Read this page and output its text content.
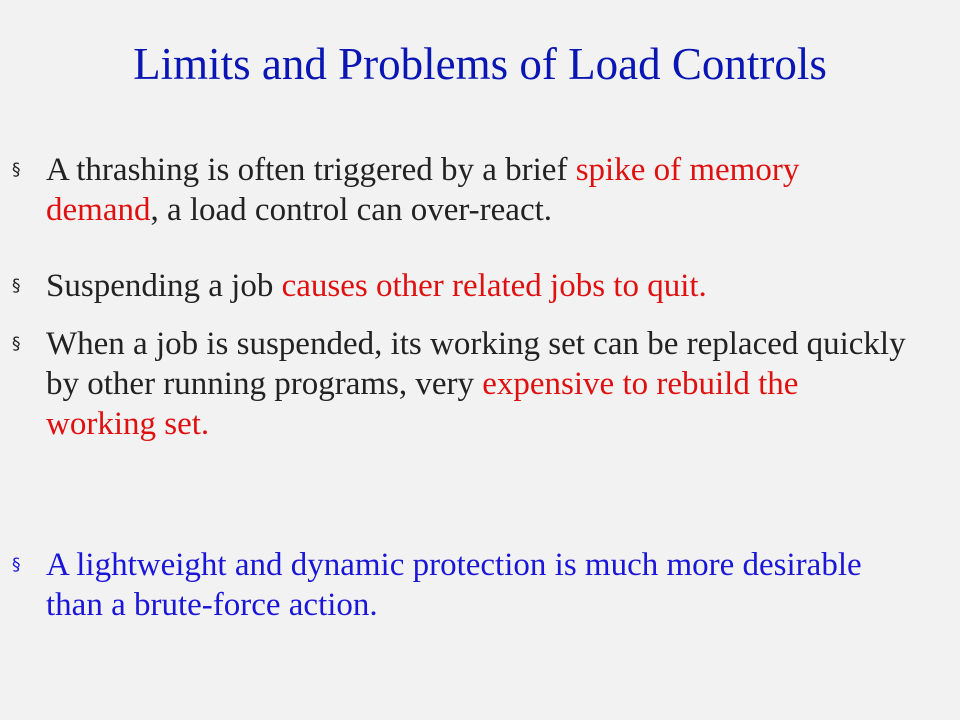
Limits and Problems of Load Controls
§ A thrashing is often triggered by a brief spike of memory demand, a load control can over-react.
§ Suspending a job causes other related jobs to quit.
§ When a job is suspended, its working set can be replaced quickly by other running programs, very expensive to rebuild the working set.
§ A lightweight and dynamic protection is much more desirable than a brute-force action.
